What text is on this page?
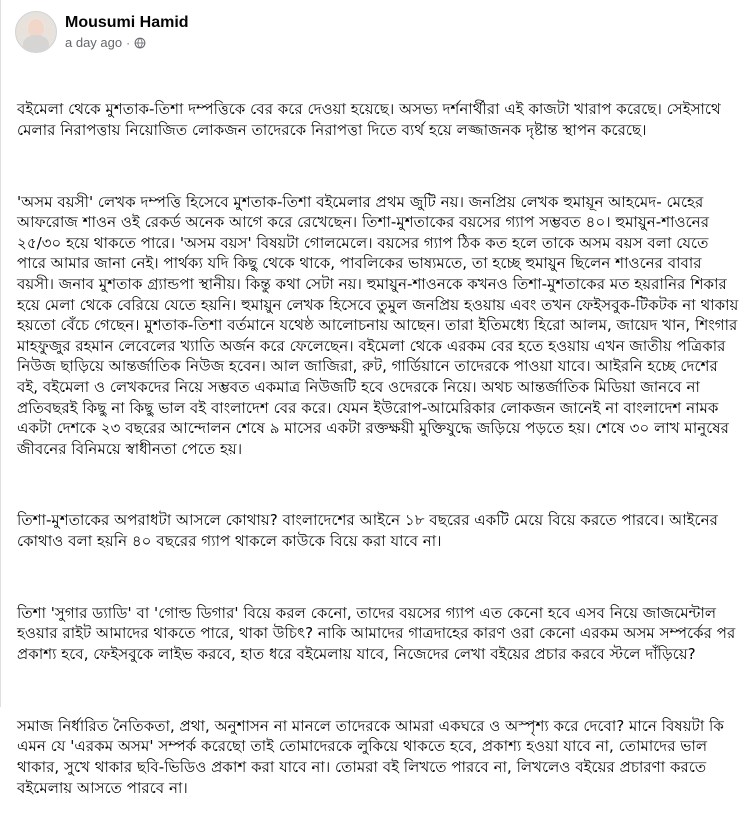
Mousumi Hamid
a day ago ·

বইমেলা থেকে মুশতাক-তিশা দম্পত্তিকে বের করে দেওয়া হয়েছে। অসভ্য দর্শনার্থীরা এই কাজটা খারাপ করেছে। সেইসাথে মেলার নিরাপত্তায় নিয়োজিত লোকজন তাদেরকে নিরাপত্তা দিতে ব্যর্থ হয়ে লজ্জাজনক দৃষ্টান্ত স্থাপন করেছে।

'অসম বয়সী' লেখক দম্পত্তি হিসেবে মুশতাক-তিশা বইমেলার প্রথম জুটি নয়। জনপ্রিয় লেখক হুমায়ূন আহমেদ- মেহের আফরোজ শাওন ওই রেকর্ড অনেক আগে করে রেখেছেন। তিশা-মুশতাকের বয়সের গ্যাপ সম্ভবত ৪০। হুমায়ুন-শাওনের ২৫/৩০ হয়ে থাকতে পারে। 'অসম বয়স' বিষয়টা গোলমেলে। বয়সের গ্যাপ ঠিক কত হলে তাকে অসম বয়স বলা যেতে পারে আমার জানা নেই। পার্থক্য যদি কিছু থেকে থাকে, পাবলিকের ভাষ্যমতে, তা হচ্ছে হুমায়ুন ছিলেন শাওনের বাবার বয়সী। জনাব মুশতাক গ্র্যান্ডপা স্থানীয়। কিন্তু কথা সেটা নয়। হুমায়ুন-শাওনকে কখনও তিশা-মুশতাকের মত হয়রানির শিকার হয়ে মেলা থেকে বেরিয়ে যেতে হয়নি। হুমায়ুন লেখক হিসেবে তুমুল জনপ্রিয় হওয়ায় এবং তখন ফেইসবুক-টিকটক না থাকায় হয়তো বেঁচে গেছেন। মুশতাক-তিশা বর্তমানে যথেষ্ঠ আলোচনায় আছেন। তারা ইতিমধ্যে হিরো আলম, জায়েদ খান, শিংগার মাহফুজুর রহমান লেবেলের খ্যাতি অর্জন করে ফেলেছেন। বইমেলা থেকে এরকম বের হতে হওয়ায় এখন জাতীয় পত্রিকার নিউজ ছাড়িয়ে আন্তর্জাতিক নিউজ হবেন। আল জাজিরা, রুট, গার্ডিয়ানে তাদেরকে পাওয়া যাবে। আইরনি হচ্ছে দেশের বই, বইমেলা ও লেখকদের নিয়ে সম্ভবত একমাত্র নিউজটি হবে ওদেরকে নিয়ে। অথচ আন্তর্জাতিক মিডিয়া জানবে না প্রতিবছরই কিছু না কিছু ভাল বই বাংলাদেশ বের করে। যেমন ইউরোপ-আমেরিকার লোকজন জানেই না বাংলাদেশ নামক একটা দেশকে ২৩ বছরের আন্দোলন শেষে ৯ মাসের একটা রক্তক্ষয়ী মুক্তিযুদ্ধে জড়িয়ে পড়তে হয়। শেষে ৩০ লাখ মানুষের জীবনের বিনিময়ে স্বাধীনতা পেতে হয়।

তিশা-মুশতাকের অপরাধটা আসলে কোথায়? বাংলাদেশের আইনে ১৮ বছরের একটি মেয়ে বিয়ে করতে পারবে। আইনের কোথাও বলা হয়নি ৪০ বছরের গ্যাপ থাকলে কাউকে বিয়ে করা যাবে না।

তিশা 'সুগার ড্যাডি' বা 'গোল্ড ডিগার' বিয়ে করল কেনো, তাদের বয়সের গ্যাপ এত কেনো হবে এসব নিয়ে জাজমেন্টাল হওয়ার রাইট আমাদের থাকতে পারে, থাকা উচিৎ? নাকি আমাদের গাত্রদাহের কারণ ওরা কেনো এরকম অসম সম্পর্কের পর প্রকাশ্য হবে, ফেইসবুকে লাইভ করবে, হাত ধরে বইমেলায় যাবে, নিজেদের লেখা বইয়ের প্রচার করবে স্টলে দাঁড়িয়ে?

সমাজ নির্ধারিত নৈতিকতা, প্রথা, অনুশাসন না মানলে তাদেরকে আমরা একঘরে ও অস্পৃশ্য করে দেবো? মানে বিষয়টা কি এমন যে 'এরকম অসম' সম্পর্ক করেছো তাই তোমাদেরকে লুকিয়ে থাকতে হবে, প্রকাশ্য হওয়া যাবে না, তোমাদের ভাল থাকার, সুখে থাকার ছবি-ভিডিও প্রকাশ করা যাবে না। তোমরা বই লিখতে পারবে না, লিখলেও বইয়ের প্রচারণা করতে বইমেলায় আসতে পারবে না।
